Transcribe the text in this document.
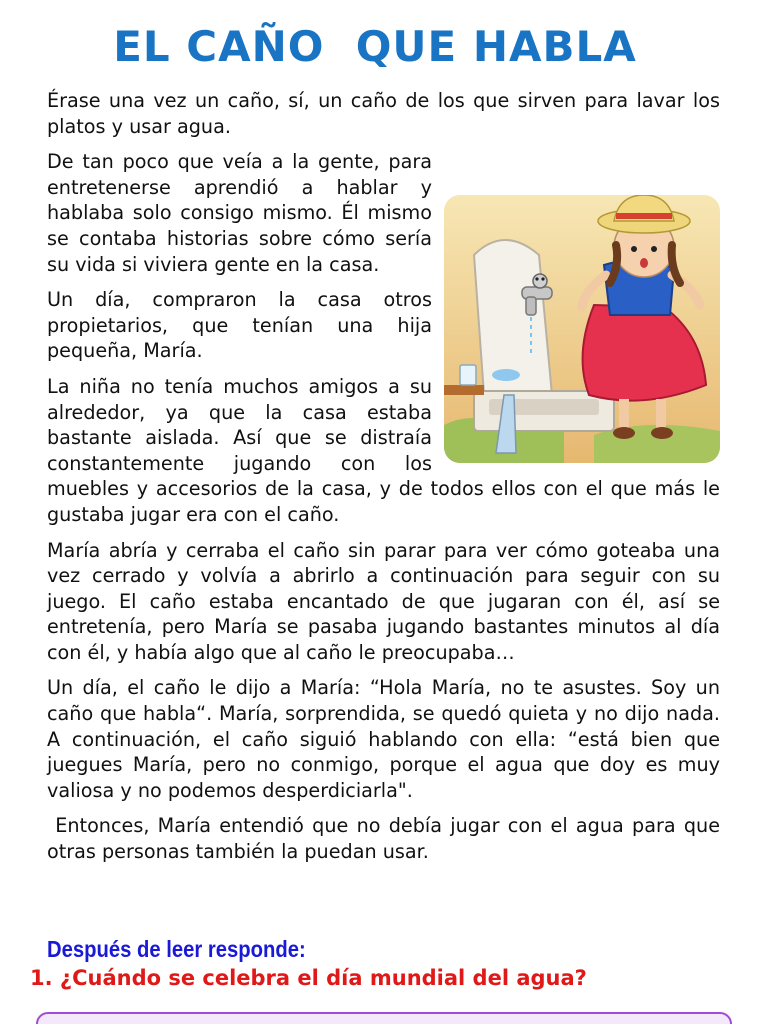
EL CAÑO  QUE HABLA

Érase una vez un caño, sí, un caño de los que sirven para lavar los platos y usar agua.

De tan poco que veía a la gente, para entretenerse aprendió a hablar y hablaba solo consigo mismo. Él mismo se contaba historias sobre cómo sería su vida si viviera gente en la casa.

Un día, compraron la casa otros propietarios, que tenían una hija pequeña, María.

La niña no tenía muchos amigos a su alrededor, ya que la casa estaba bastante aislada. Así que se distraía constantemente jugando con los muebles y accesorios de la casa, y de todos ellos con el que más le gustaba jugar era con el caño.

María abría y cerraba el caño sin parar para ver cómo goteaba una vez cerrado y volvía a abrirlo a continuación para seguir con su juego. El caño estaba encantado de que jugaran con él, así se entretenía, pero María se pasaba jugando bastantes minutos al día con él, y había algo que al caño le preocupaba…

Un día, el caño le dijo a María: “Hola María, no te asustes. Soy un caño que habla“. María, sorprendida, se quedó quieta y no dijo nada. A continuación, el caño siguió hablando con ella: “está bien que juegues María, pero no conmigo, porque el agua que doy es muy valiosa y no podemos desperdiciarla".

Entonces, María entendió que no debía jugar con el agua para que otras personas también la puedan usar.

Después de leer responde:
1. ¿Cuándo se celebra el día mundial del agua?
